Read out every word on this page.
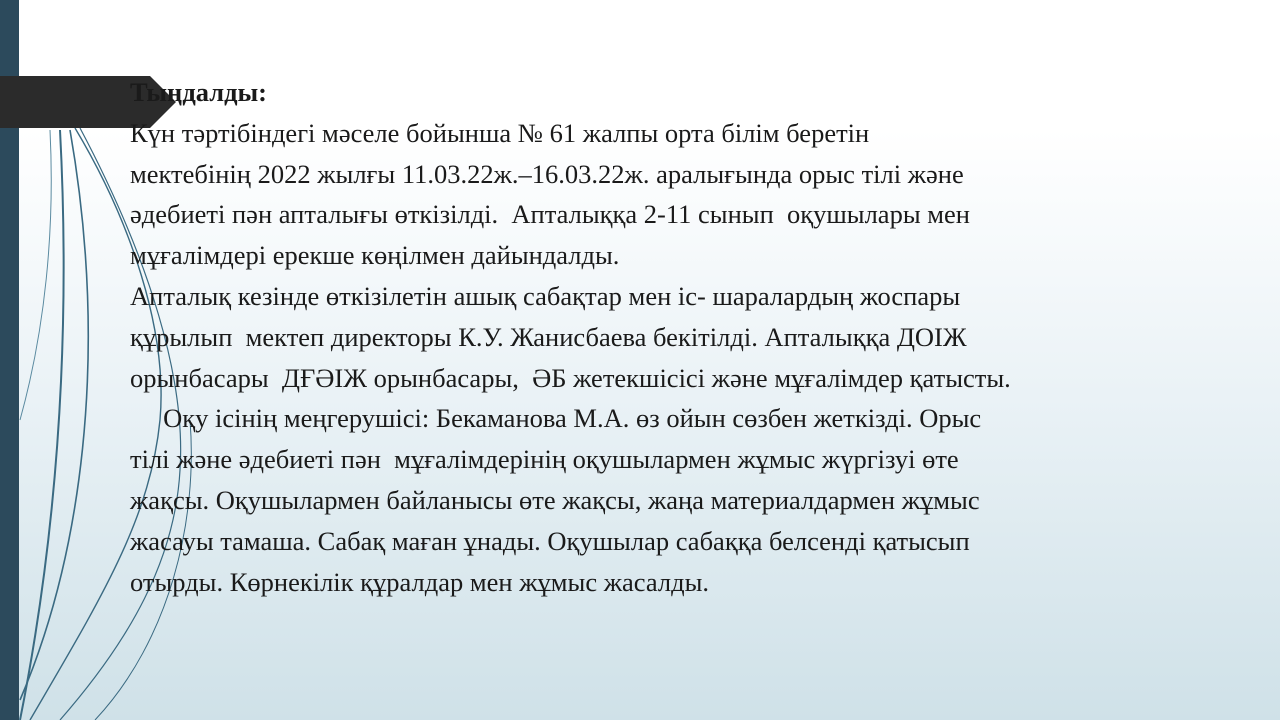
Тыңдалды:

Күн тәртібіндегі мәселе бойынша № 61 жалпы орта білім беретін

мектебінің 2022 жылғы 11.03.22ж.–16.03.22ж. аралығында орыс тілі және

әдебиеті пән апталығы өткізілді.  Апталыққа 2-11 сынып  оқушылары мен

мұғалімдері ерекше көңілмен дайындалды.

Апталық кезінде өткізілетін ашық сабақтар мен іс- шаралардың жоспары

құрылып  мектеп директоры К.У. Жанисбаева бекітілді. Апталыққа ДОІЖ

орынбасары  ДҒӘІЖ орынбасары,  ӘБ жетекшісісі және мұғалімдер қатысты.

Оқу ісінің меңгерушісі: Бекаманова М.А. өз ойын сөзбен жеткізді. Орыс

тілі және әдебиеті пән  мұғалімдерінің оқушылармен жұмыс жүргізуі өте

жақсы. Оқушылармен байланысы өте жақсы, жаңа материалдармен жұмыс

жасауы тамаша. Сабақ маған ұнады. Оқушылар сабаққа белсенді қатысып

отырды. Көрнекілік құралдар мен жұмыс жасалды.
